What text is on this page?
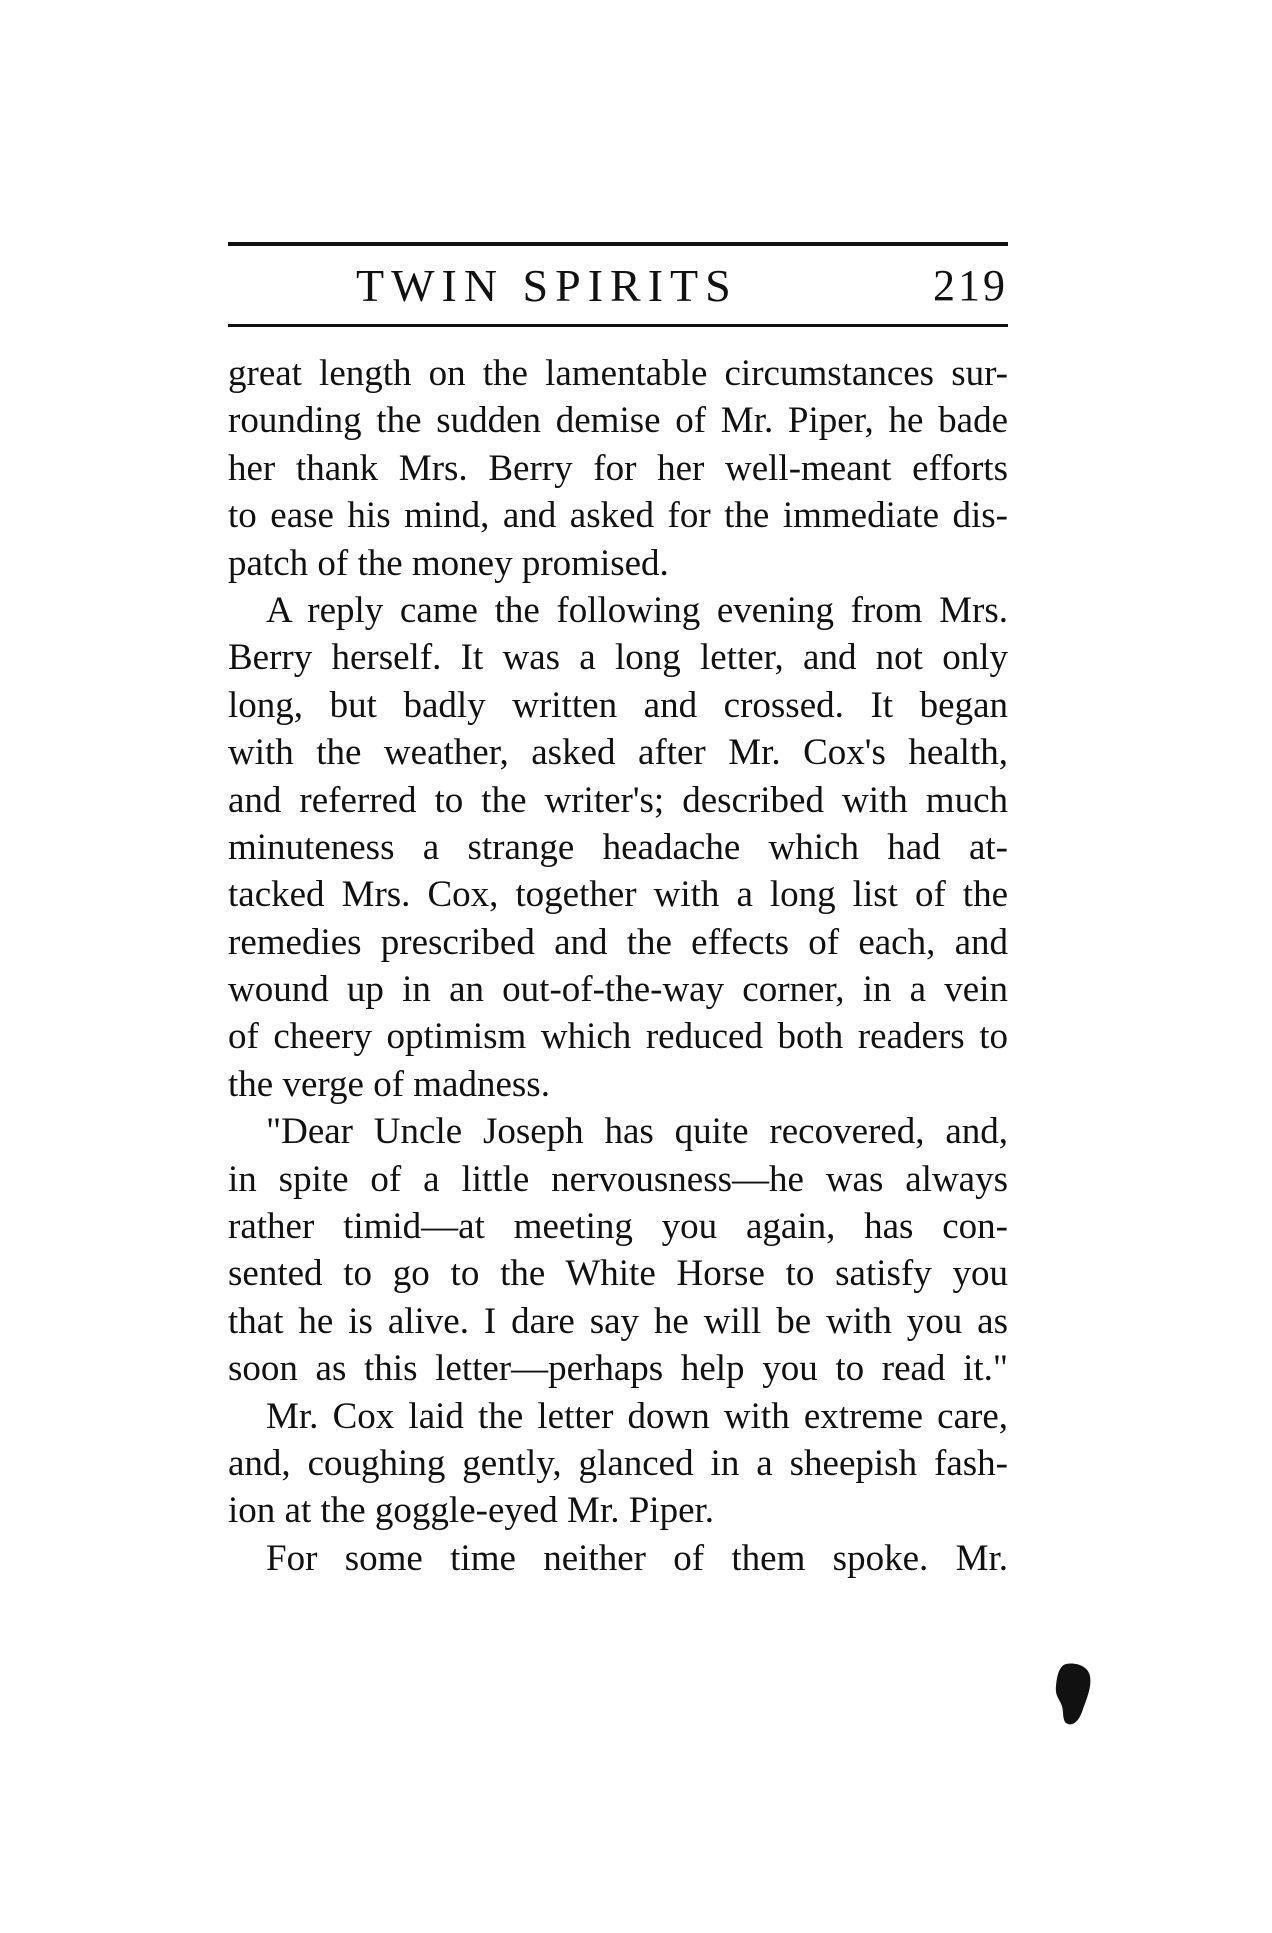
TWIN SPIRITS	219
great length on the lamentable circumstances sur-
rounding the sudden demise of Mr. Piper, he bade
her thank Mrs. Berry for her well-meant efforts
to ease his mind, and asked for the immediate dis-
patch of the money promised.
A reply came the following evening from Mrs.
Berry herself. It was a long letter, and not only
long, but badly written and crossed. It began
with the weather, asked after Mr. Cox's health,
and referred to the writer's; described with much
minuteness a strange headache which had at-
tacked Mrs. Cox, together with a long list of the
remedies prescribed and the effects of each, and
wound up in an out-of-the-way corner, in a vein
of cheery optimism which reduced both readers to
the verge of madness.
"Dear Uncle Joseph has quite recovered, and,
in spite of a little nervousness—he was always
rather timid—at meeting you again, has con-
sented to go to the White Horse to satisfy you
that he is alive. I dare say he will be with you as
soon as this letter—perhaps help you to read it."
Mr. Cox laid the letter down with extreme care,
and, coughing gently, glanced in a sheepish fash-
ion at the goggle-eyed Mr. Piper.
For some time neither of them spoke. Mr.
